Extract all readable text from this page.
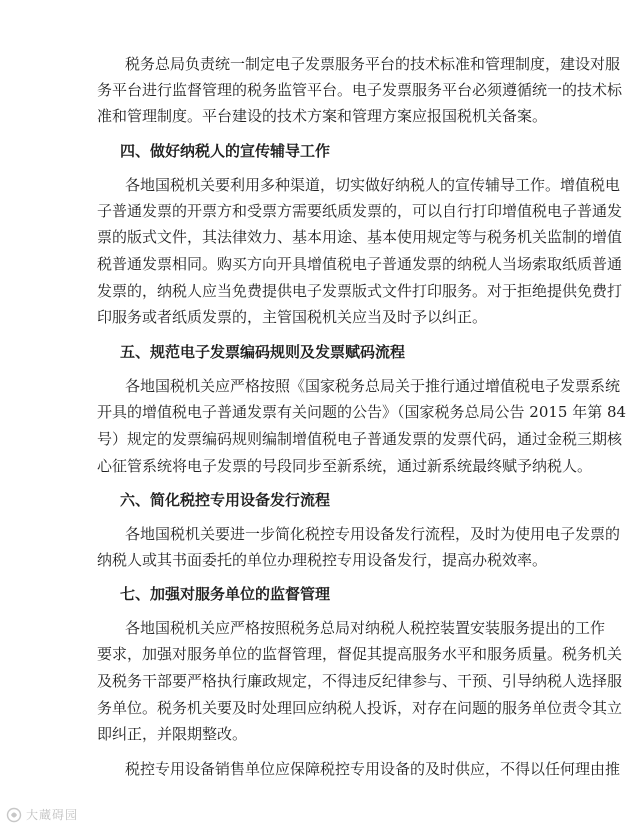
税务总局负责统一制定电子发票服务平台的技术标准和管理制度，建设对服
务平台进行监督管理的税务监管平台。电子发票服务平台必须遵循统一的技术标
准和管理制度。平台建设的技术方案和管理方案应报国税机关备案。
四、做好纳税人的宣传辅导工作
各地国税机关要利用多种渠道，切实做好纳税人的宣传辅导工作。增值税电
子普通发票的开票方和受票方需要纸质发票的，可以自行打印增值税电子普通发
票的版式文件，其法律效力、基本用途、基本使用规定等与税务机关监制的增值
税普通发票相同。购买方向开具增值税电子普通发票的纳税人当场索取纸质普通
发票的，纳税人应当免费提供电子发票版式文件打印服务。对于拒绝提供免费打
印服务或者纸质发票的，主管国税机关应当及时予以纠正。
五、规范电子发票编码规则及发票赋码流程
各地国税机关应严格按照《国家税务总局关于推行通过增值税电子发票系统
开具的增值税电子普通发票有关问题的公告》（国家税务总局公告 2015 年第 84
号）规定的发票编码规则编制增值税电子普通发票的发票代码，通过金税三期核
心征管系统将电子发票的号段同步至新系统，通过新系统最终赋予纳税人。
六、简化税控专用设备发行流程
各地国税机关要进一步简化税控专用设备发行流程，及时为使用电子发票的
纳税人或其书面委托的单位办理税控专用设备发行，提高办税效率。
七、加强对服务单位的监督管理
各地国税机关应严格按照税务总局对纳税人税控装置安装服务提出的工作
要求，加强对服务单位的监督管理，督促其提高服务水平和服务质量。税务机关
及税务干部要严格执行廉政规定，不得违反纪律参与、干预、引导纳税人选择服
务单位。税务机关要及时处理回应纳税人投诉，对存在问题的服务单位责令其立
即纠正，并限期整改。
税控专用设备销售单位应保障税控专用设备的及时供应，不得以任何理由推
大蔵碍园
